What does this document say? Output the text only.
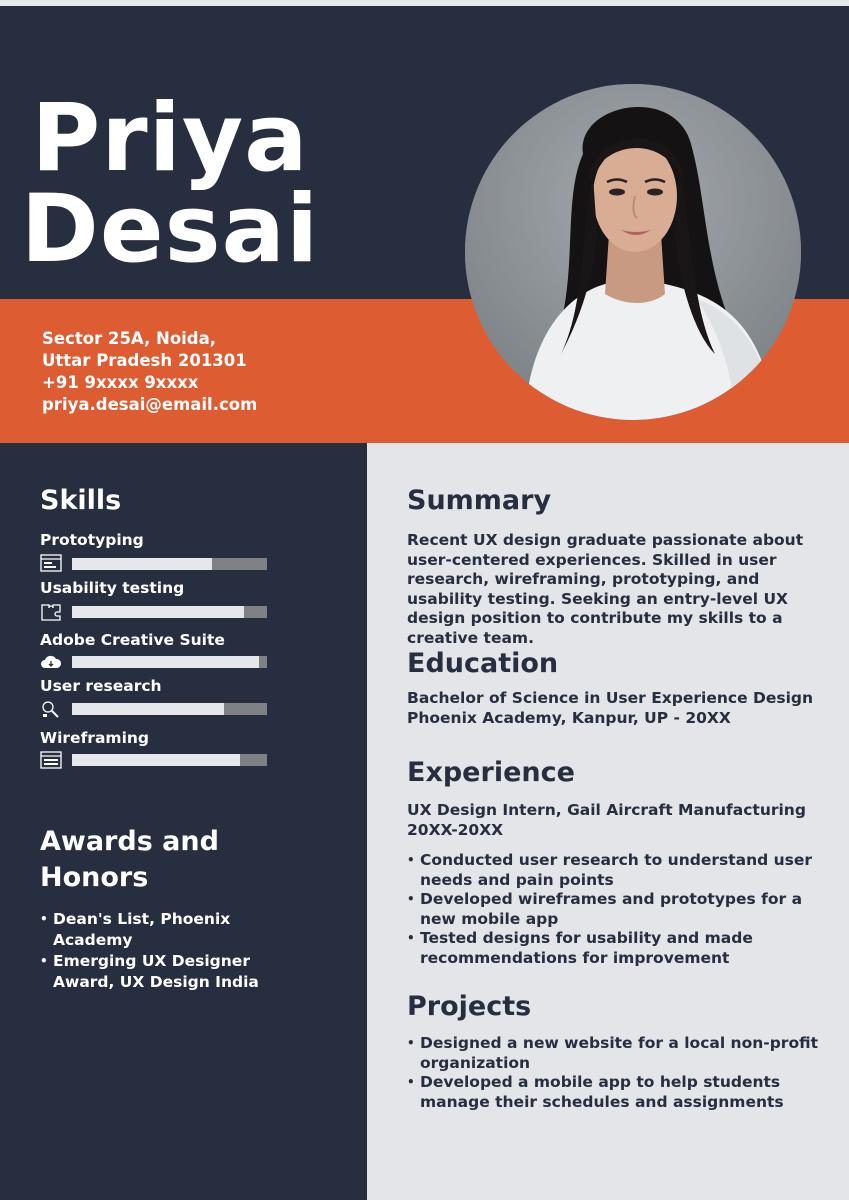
Priya
Desai
Sector 25A, Noida,
Uttar Pradesh 201301
+91 9xxxx 9xxxx
priya.desai@email.com
Skills
Prototyping
Usability testing
Adobe Creative Suite
User research
Wireframing
Awards and
Honors
• Dean's List, Phoenix Academy
• Emerging UX Designer Award, UX Design India
Summary
Recent UX design graduate passionate about user-centered experiences. Skilled in user research, wireframing, prototyping, and usability testing. Seeking an entry-level UX design position to contribute my skills to a creative team.
Education
Bachelor of Science in User Experience Design
Phoenix Academy, Kanpur, UP - 20XX
Experience
UX Design Intern, Gail Aircraft Manufacturing
20XX-20XX
• Conducted user research to understand user needs and pain points
• Developed wireframes and prototypes for a new mobile app
• Tested designs for usability and made recommendations for improvement
Projects
• Designed a new website for a local non-profit organization
• Developed a mobile app to help students manage their schedules and assignments
